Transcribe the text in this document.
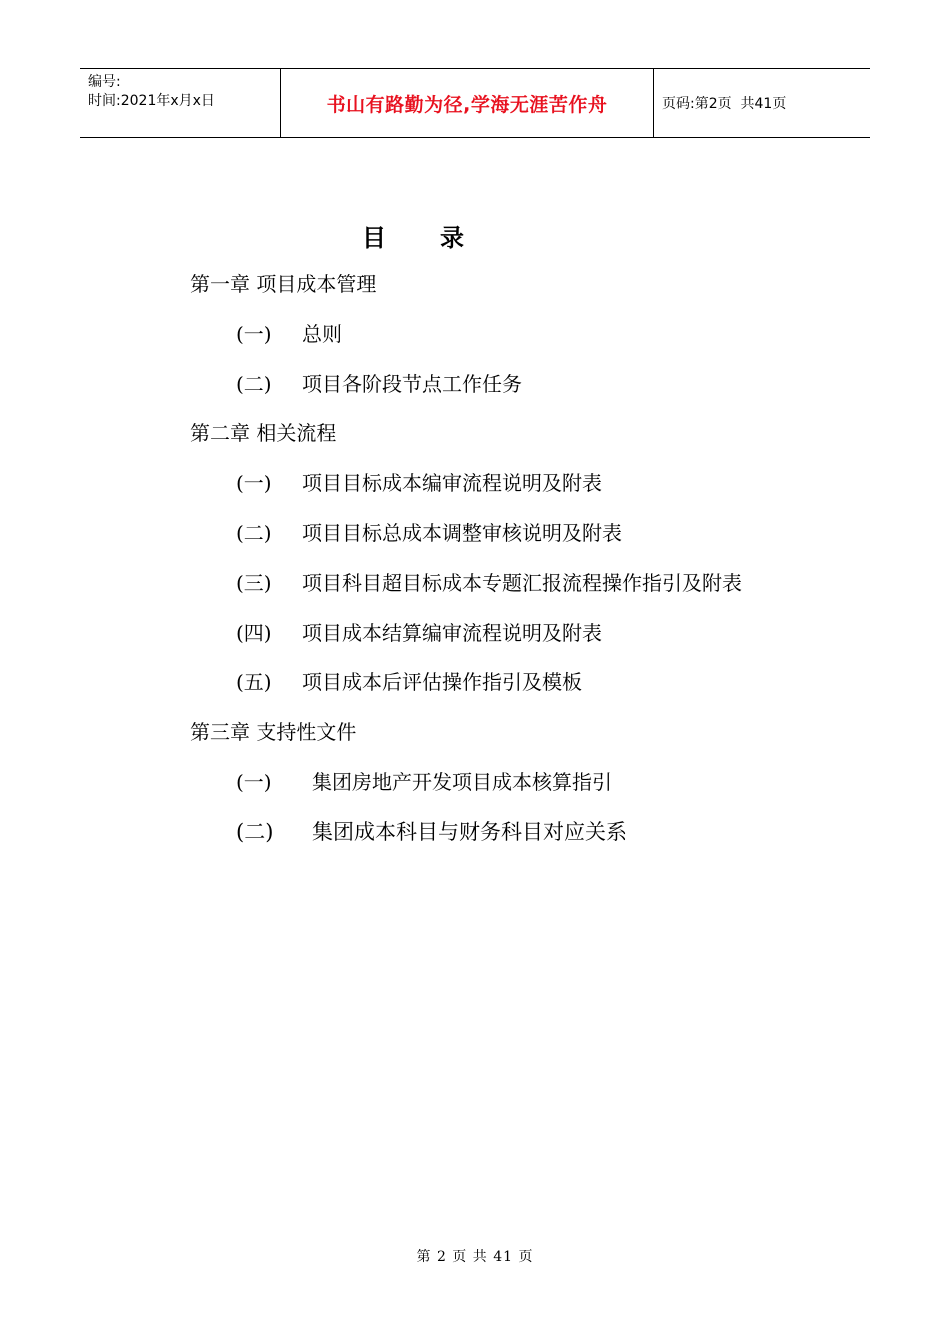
编号:
时间:2021年x月x日	书山有路勤为径,学海无涯苦作舟	页码:第2页  共41页
目 录
第一章 项目成本管理
(一) 总则
(二) 项目各阶段节点工作任务
第二章 相关流程
(一) 项目目标成本编审流程说明及附表
(二) 项目目标总成本调整审核说明及附表
(三) 项目科目超目标成本专题汇报流程操作指引及附表
(四) 项目成本结算编审流程说明及附表
(五) 项目成本后评估操作指引及模板
第三章 支持性文件
(一) 集团房地产开发项目成本核算指引
(二) 集团成本科目与财务科目对应关系
第 2 页 共 41 页
